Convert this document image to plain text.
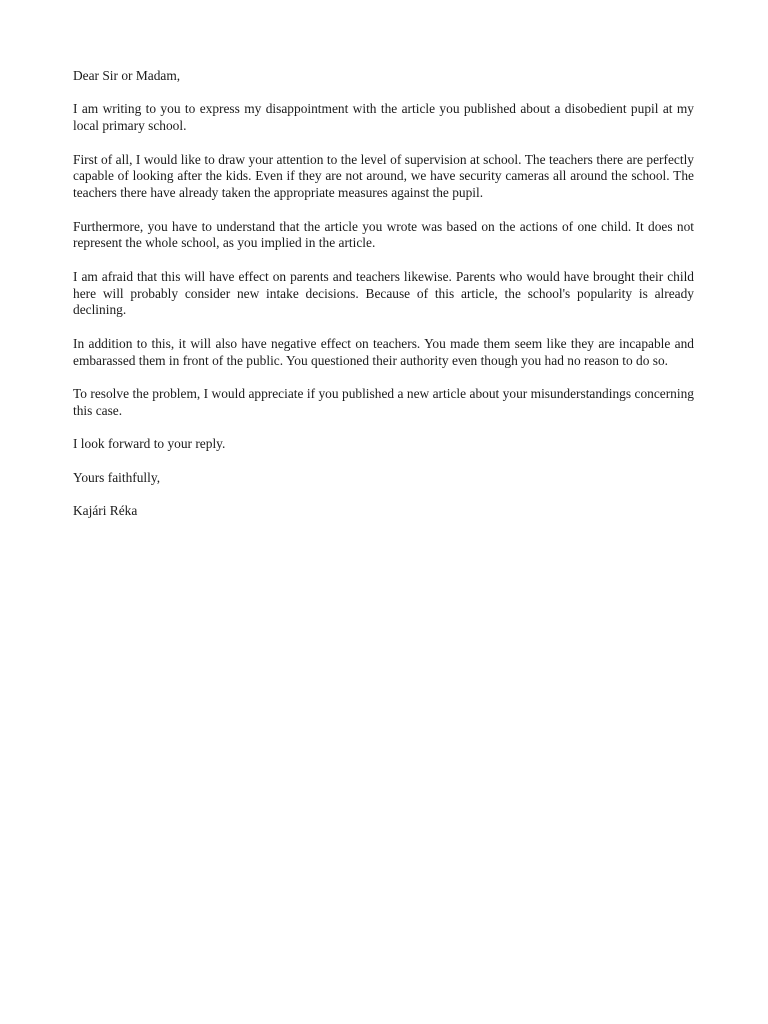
Dear Sir or Madam,

I am writing to you to express my disappointment with the article you published about a disobedient pupil at my local primary school.

First of all, I would like to draw your attention to the level of supervision at school. The teachers there are perfectly capable of looking after the kids. Even if they are not around, we have security cameras all around the school. The teachers there have already taken the appropriate measures against the pupil.

Furthermore, you have to understand that the article you wrote was based on the actions of one child. It does not represent the whole school, as you implied in the article.

I am afraid that this will have effect on parents and teachers likewise. Parents who would have brought their child here will probably consider new intake decisions. Because of this article, the school's popularity is already declining.

In addition to this, it will also have negative effect on teachers. You made them seem like they are incapable and embarassed them in front of the public. You questioned their authority even though you had no reason to do so.

To resolve the problem, I would appreciate if you published a new article about your misunderstandings concerning this case.

I look forward to your reply.

Yours faithfully,

Kajári Réka
